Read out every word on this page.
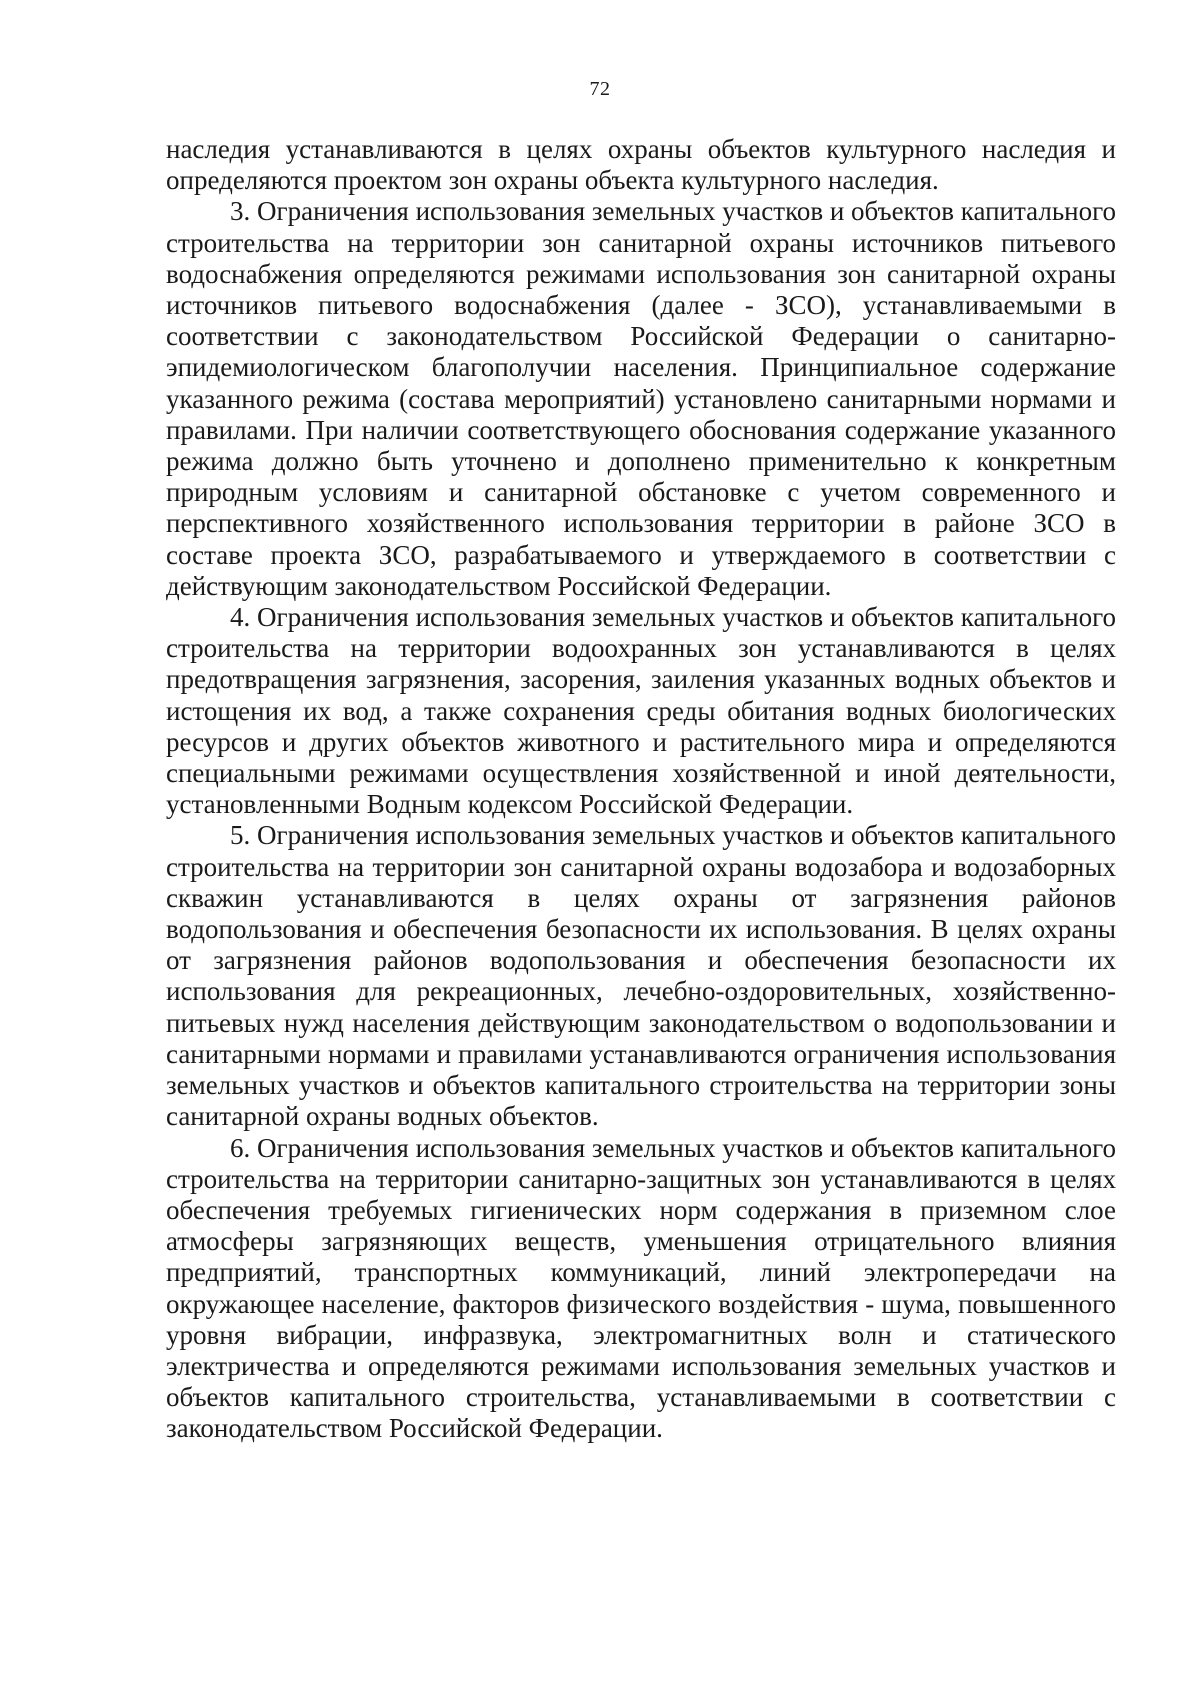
72

наследия устанавливаются в целях охраны объектов культурного наследия и определяются проектом зон охраны объекта культурного наследия.

3. Ограничения использования земельных участков и объектов капитального строительства на территории зон санитарной охраны источников питьевого водоснабжения определяются режимами использования зон санитарной охраны источников питьевого водоснабжения (далее - ЗСО), устанавливаемыми в соответствии с законодательством Российской Федерации о санитарно-эпидемиологическом благополучии населения. Принципиальное содержание указанного режима (состава мероприятий) установлено санитарными нормами и правилами. При наличии соответствующего обоснования содержание указанного режима должно быть уточнено и дополнено применительно к конкретным природным условиям и санитарной обстановке с учетом современного и перспективного хозяйственного использования территории в районе ЗСО в составе проекта ЗСО, разрабатываемого и утверждаемого в соответствии с действующим законодательством Российской Федерации.

4. Ограничения использования земельных участков и объектов капитального строительства на территории водоохранных зон устанавливаются в целях предотвращения загрязнения, засорения, заиления указанных водных объектов и истощения их вод, а также сохранения среды обитания водных биологических ресурсов и других объектов животного и растительного мира и определяются специальными режимами осуществления хозяйственной и иной деятельности, установленными Водным кодексом Российской Федерации.

5. Ограничения использования земельных участков и объектов капитального строительства на территории зон санитарной охраны водозабора и водозаборных скважин устанавливаются в целях охраны от загрязнения районов водопользования и обеспечения безопасности их использования. В целях охраны от загрязнения районов водопользования и обеспечения безопасности их использования для рекреационных, лечебно-оздоровительных, хозяйственно-питьевых нужд населения действующим законодательством о водопользовании и санитарными нормами и правилами устанавливаются ограничения использования земельных участков и объектов капитального строительства на территории зоны санитарной охраны водных объектов.

6. Ограничения использования земельных участков и объектов капитального строительства на территории санитарно-защитных зон устанавливаются в целях обеспечения требуемых гигиенических норм содержания в приземном слое атмосферы загрязняющих веществ, уменьшения отрицательного влияния предприятий, транспортных коммуникаций, линий электропередачи на окружающее население, факторов физического воздействия - шума, повышенного уровня вибрации, инфразвука, электромагнитных волн и статического электричества и определяются режимами использования земельных участков и объектов капитального строительства, устанавливаемыми в соответствии с законодательством Российской Федерации.
